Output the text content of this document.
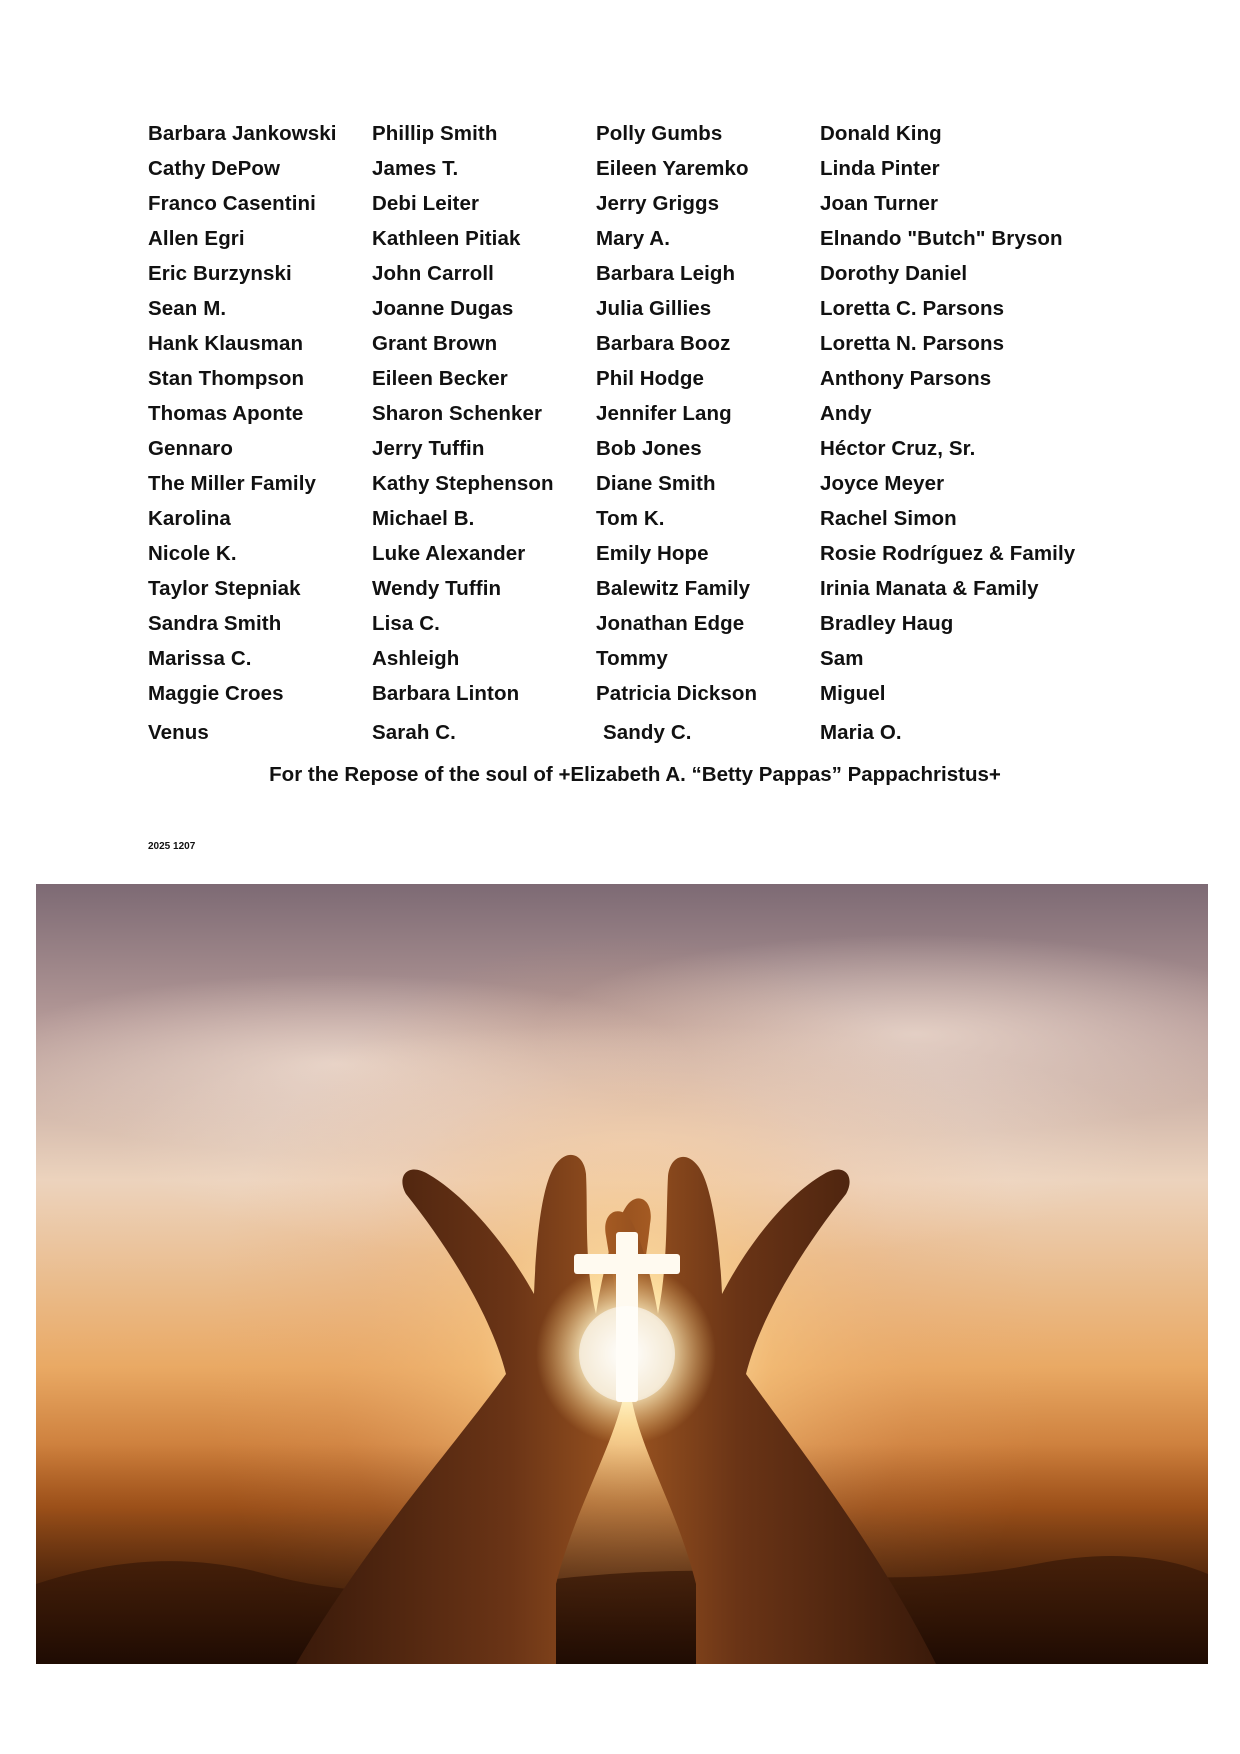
Barbara Jankowski	Phillip Smith	Polly Gumbs	Donald King
Cathy DePow	James T.	Eileen Yaremko	Linda Pinter
Franco Casentini	Debi Leiter	Jerry Griggs	Joan Turner
Allen Egri	Kathleen Pitiak	Mary A.	Elnando "Butch" Bryson
Eric Burzynski	John Carroll	Barbara Leigh	Dorothy Daniel
Sean M.	Joanne Dugas	Julia Gillies	Loretta C. Parsons
Hank Klausman	Grant Brown	Barbara Booz	Loretta N. Parsons
Stan Thompson	Eileen Becker	Phil Hodge	Anthony Parsons
Thomas Aponte	Sharon Schenker	Jennifer Lang	Andy
Gennaro	Jerry Tuffin	Bob Jones	Héctor Cruz, Sr.
The Miller Family	Kathy Stephenson	Diane Smith	Joyce Meyer
Karolina	Michael B.	Tom K.	Rachel Simon
Nicole K.	Luke Alexander	Emily Hope	Rosie Rodríguez & Family
Taylor Stepniak	Wendy Tuffin	Balewitz Family	Irinia Manata & Family
Sandra Smith	Lisa C.	Jonathan Edge	Bradley Haug
Marissa C.	Ashleigh	Tommy	Sam
Maggie Croes	Barbara Linton	Patricia Dickson	Miguel
Venus	Sarah C.	Sandy C.	Maria O.
For the Repose of the soul of +Elizabeth A. “Betty Pappas” Pappachristus+
2025 1207
